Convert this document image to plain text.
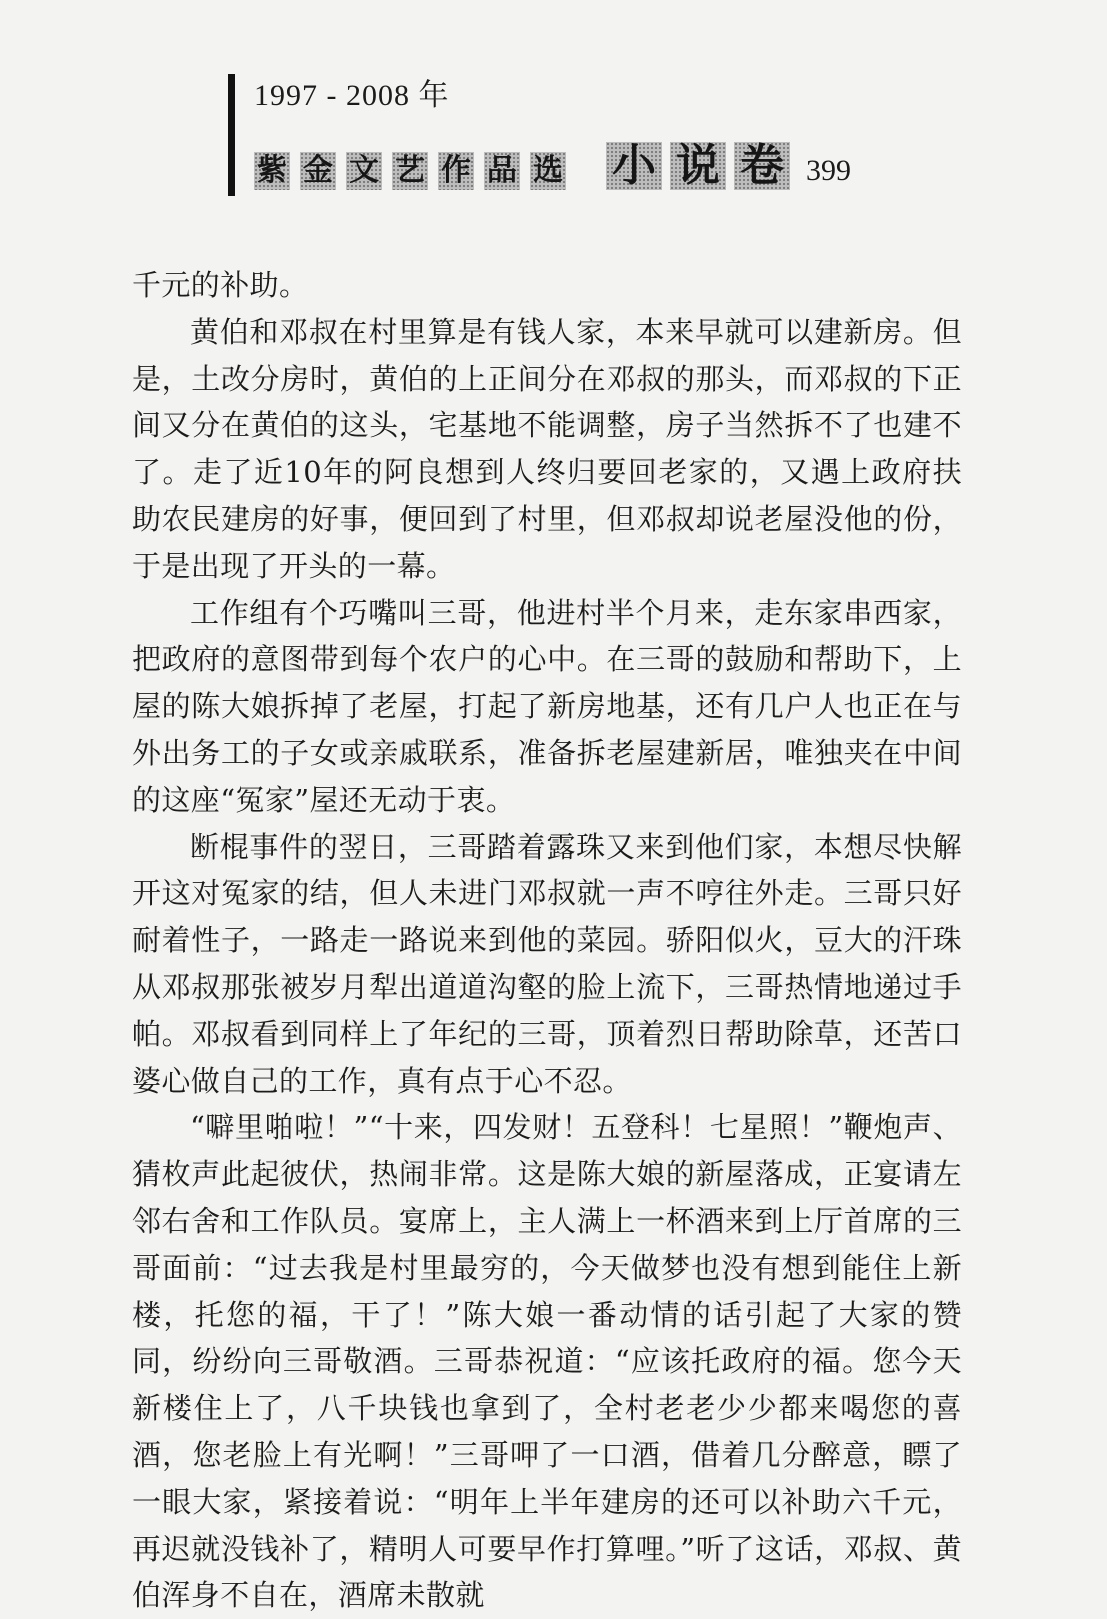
1997 - 2008 年
紫 金 文 艺 作 品 选 小 说 卷 399

千元的补助。

黄伯和邓叔在村里算是有钱人家，本来早就可以建新房。但是，土改分房时，黄伯的上正间分在邓叔的那头，而邓叔的下正间又分在黄伯的这头，宅基地不能调整，房子当然拆不了也建不了。走了近10年的阿良想到人终归要回老家的，又遇上政府扶助农民建房的好事，便回到了村里，但邓叔却说老屋没他的份，于是出现了开头的一幕。

工作组有个巧嘴叫三哥，他进村半个月来，走东家串西家，把政府的意图带到每个农户的心中。在三哥的鼓励和帮助下，上屋的陈大娘拆掉了老屋，打起了新房地基，还有几户人也正在与外出务工的子女或亲戚联系，准备拆老屋建新居，唯独夹在中间的这座“冤家”屋还无动于衷。

断棍事件的翌日，三哥踏着露珠又来到他们家，本想尽快解开这对冤家的结，但人未进门邓叔就一声不哼往外走。三哥只好耐着性子，一路走一路说来到他的菜园。骄阳似火，豆大的汗珠从邓叔那张被岁月犁出道道沟壑的脸上流下，三哥热情地递过手帕。邓叔看到同样上了年纪的三哥，顶着烈日帮助除草，还苦口婆心做自己的工作，真有点于心不忍。

“噼里啪啦！”“十来，四发财！五登科！七星照！”鞭炮声、猜枚声此起彼伏，热闹非常。这是陈大娘的新屋落成，正宴请左邻右舍和工作队员。宴席上，主人满上一杯酒来到上厅首席的三哥面前：“过去我是村里最穷的，今天做梦也没有想到能住上新楼，托您的福，干了！”陈大娘一番动情的话引起了大家的赞同，纷纷向三哥敬酒。三哥恭祝道：“应该托政府的福。您今天新楼住上了，八千块钱也拿到了，全村老老少少都来喝您的喜酒，您老脸上有光啊！”三哥呷了一口酒，借着几分醉意，瞟了一眼大家，紧接着说：“明年上半年建房的还可以补助六千元，再迟就没钱补了，精明人可要早作打算哩。”听了这话，邓叔、黄伯浑身不自在，酒席未散就
